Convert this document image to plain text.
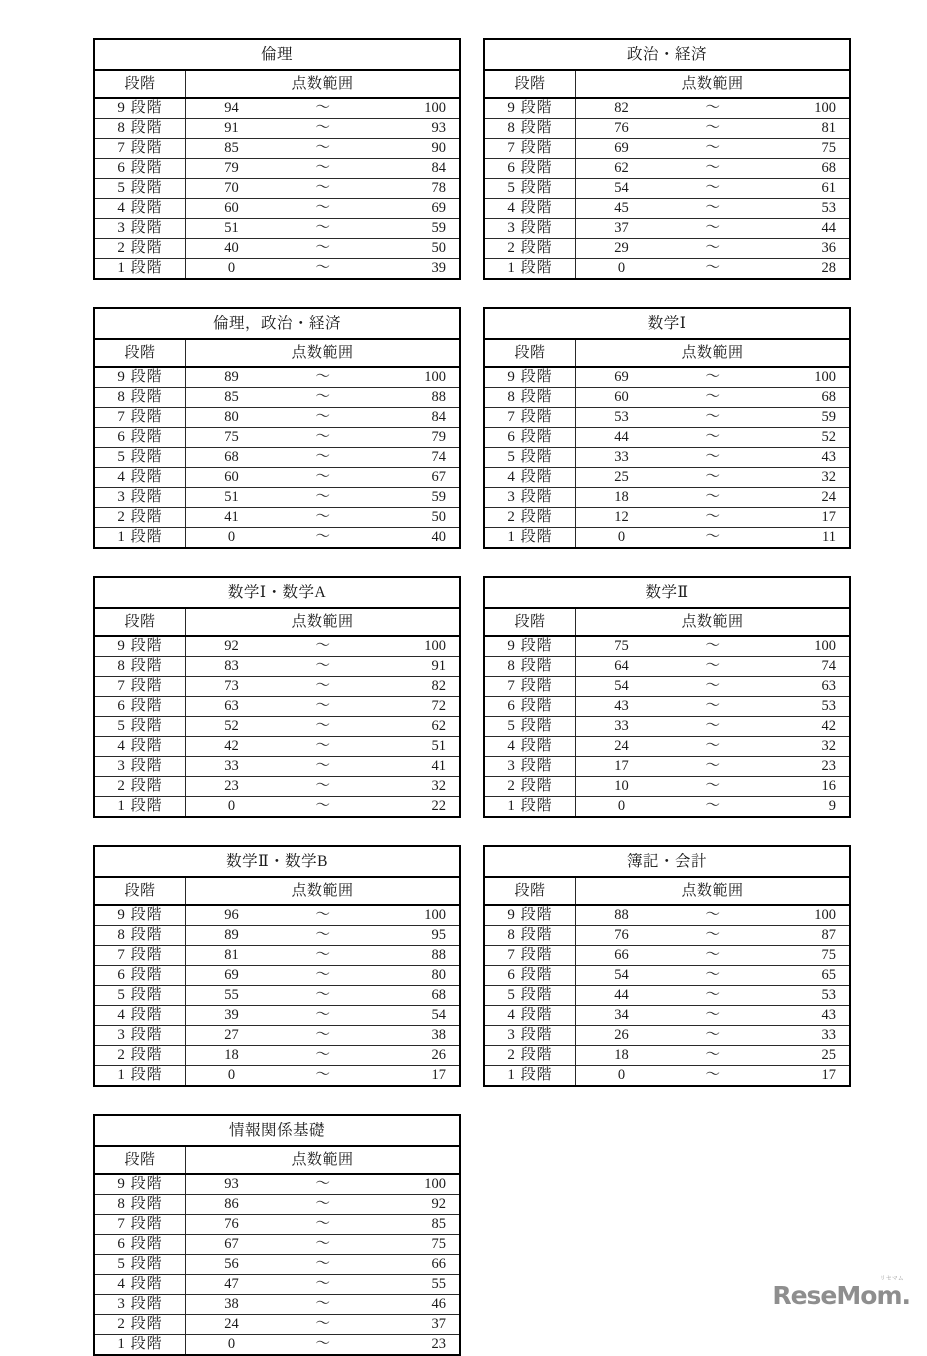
倫理			
段階	点数範囲		
9 段階	94	〜	100
8 段階	91	〜	93
7 段階	85	〜	90
6 段階	79	〜	84
5 段階	70	〜	78
4 段階	60	〜	69
3 段階	51	〜	59
2 段階	40	〜	50
1 段階	0	〜	39
政治・経済			
段階	点数範囲		
9 段階	82	〜	100
8 段階	76	〜	81
7 段階	69	〜	75
6 段階	62	〜	68
5 段階	54	〜	61
4 段階	45	〜	53
3 段階	37	〜	44
2 段階	29	〜	36
1 段階	0	〜	28
倫理，政治・経済			
段階	点数範囲		
9 段階	89	〜	100
8 段階	85	〜	88
7 段階	80	〜	84
6 段階	75	〜	79
5 段階	68	〜	74
4 段階	60	〜	67
3 段階	51	〜	59
2 段階	41	〜	50
1 段階	0	〜	40
数学Ⅰ			
段階	点数範囲		
9 段階	69	〜	100
8 段階	60	〜	68
7 段階	53	〜	59
6 段階	44	〜	52
5 段階	33	〜	43
4 段階	25	〜	32
3 段階	18	〜	24
2 段階	12	〜	17
1 段階	0	〜	11
数学Ⅰ・数学A			
段階	点数範囲		
9 段階	92	〜	100
8 段階	83	〜	91
7 段階	73	〜	82
6 段階	63	〜	72
5 段階	52	〜	62
4 段階	42	〜	51
3 段階	33	〜	41
2 段階	23	〜	32
1 段階	0	〜	22
数学Ⅱ			
段階	点数範囲		
9 段階	75	〜	100
8 段階	64	〜	74
7 段階	54	〜	63
6 段階	43	〜	53
5 段階	33	〜	42
4 段階	24	〜	32
3 段階	17	〜	23
2 段階	10	〜	16
1 段階	0	〜	9
数学Ⅱ・数学B			
段階	点数範囲		
9 段階	96	〜	100
8 段階	89	〜	95
7 段階	81	〜	88
6 段階	69	〜	80
5 段階	55	〜	68
4 段階	39	〜	54
3 段階	27	〜	38
2 段階	18	〜	26
1 段階	0	〜	17
簿記・会計			
段階	点数範囲		
9 段階	88	〜	100
8 段階	76	〜	87
7 段階	66	〜	75
6 段階	54	〜	65
5 段階	44	〜	53
4 段階	34	〜	43
3 段階	26	〜	33
2 段階	18	〜	25
1 段階	0	〜	17
情報関係基礎			
段階	点数範囲		
9 段階	93	〜	100
8 段階	86	〜	92
7 段階	76	〜	85
6 段階	67	〜	75
5 段階	56	〜	66
4 段階	47	〜	55
3 段階	38	〜	46
2 段階	24	〜	37
1 段階	0	〜	23
リセマム
ReseMom.
